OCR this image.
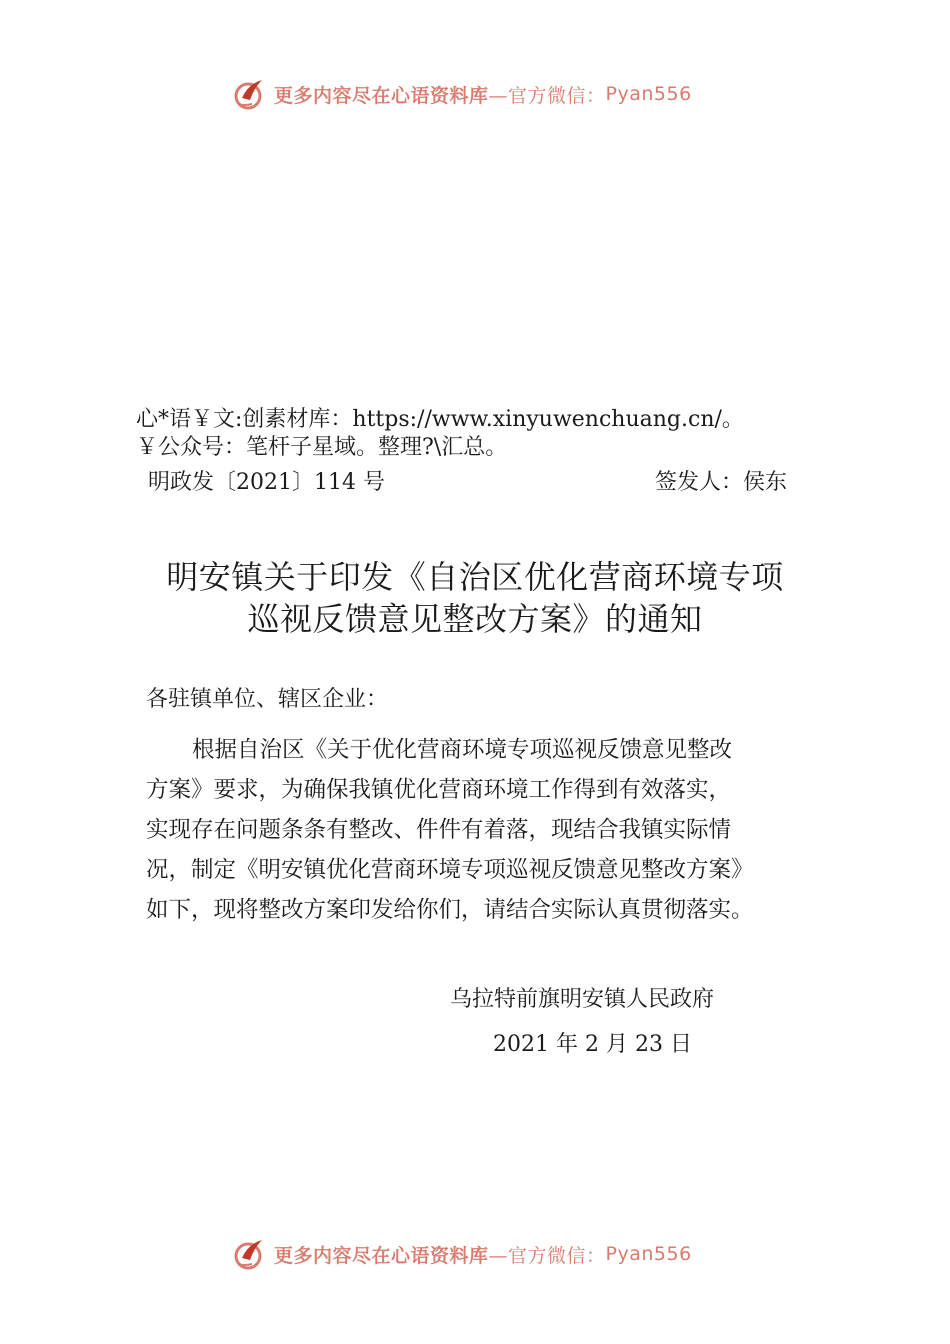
更多内容尽在心语资料库 —官方微信： Pyan556
心*语￥文:创素材库：https://www.xinyuwenchuang.cn/。
￥公众号：笔杆子星域。整理?\汇总。
明政发〔2021〕114 号	签发人：侯东
明安镇关于印发《自治区优化营商环境专项
巡视反馈意见整改方案》的通知
各驻镇单位、辖区企业：
根据自治区《关于优化营商环境专项巡视反馈意见整改
方案》要求，为确保我镇优化营商环境工作得到有效落实，
实现存在问题条条有整改、件件有着落，现结合我镇实际情
况，制定《明安镇优化营商环境专项巡视反馈意见整改方案》
如下，现将整改方案印发给你们，请结合实际认真贯彻落实。
乌拉特前旗明安镇人民政府
2021 年 2 月 23 日
更多内容尽在心语资料库 —官方微信： Pyan556
